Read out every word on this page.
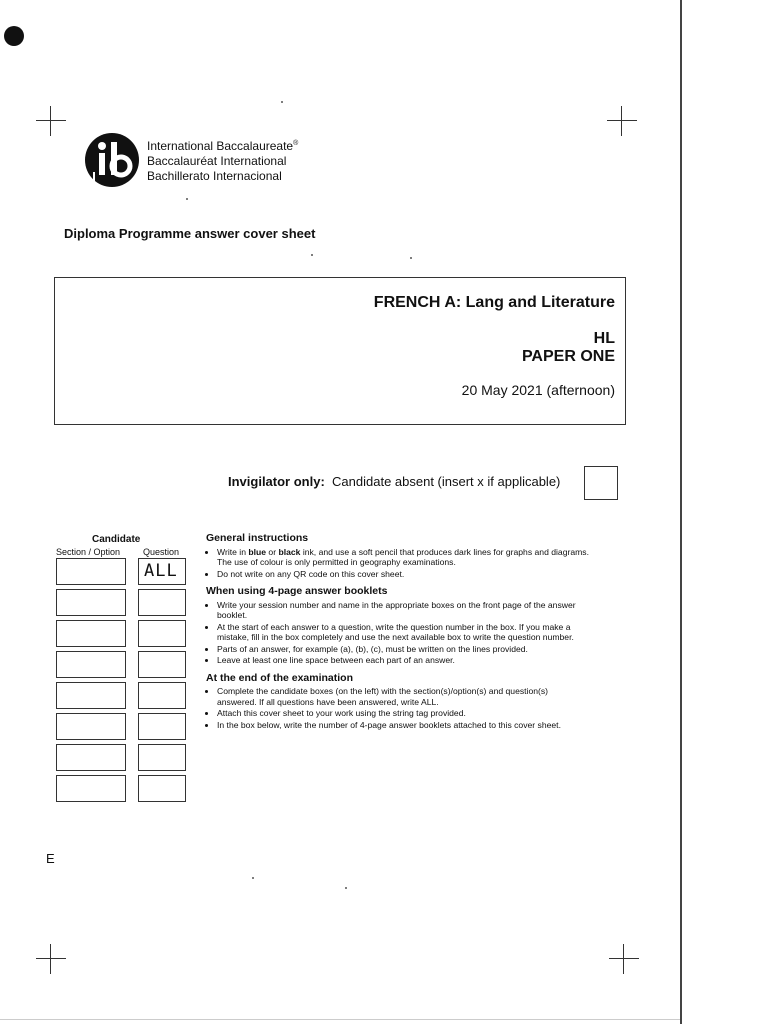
International Baccalaureate®
Baccalauréat International
Bachillerato Internacional
Diploma Programme answer cover sheet
FRENCH A: Lang and Literature
HL
PAPER ONE
20 May 2021 (afternoon)
Invigilator only: Candidate absent (insert x if applicable)
Candidate
Section / Option	Question
ALL
General instructions
• Write in blue or black ink, and use a soft pencil that produces dark lines for graphs and diagrams. The use of colour is only permitted in geography examinations.
• Do not write on any QR code on this cover sheet.
When using 4-page answer booklets
• Write your session number and name in the appropriate boxes on the front page of the answer booklet.
• At the start of each answer to a question, write the question number in the box. If you make a mistake, fill in the box completely and use the next available box to write the question number.
• Parts of an answer, for example (a), (b), (c), must be written on the lines provided.
• Leave at least one line space between each part of an answer.
At the end of the examination
• Complete the candidate boxes (on the left) with the section(s)/option(s) and question(s) answered. If all questions have been answered, write ALL.
• Attach this cover sheet to your work using the string tag provided.
• In the box below, write the number of 4-page answer booklets attached to this cover sheet.
E
